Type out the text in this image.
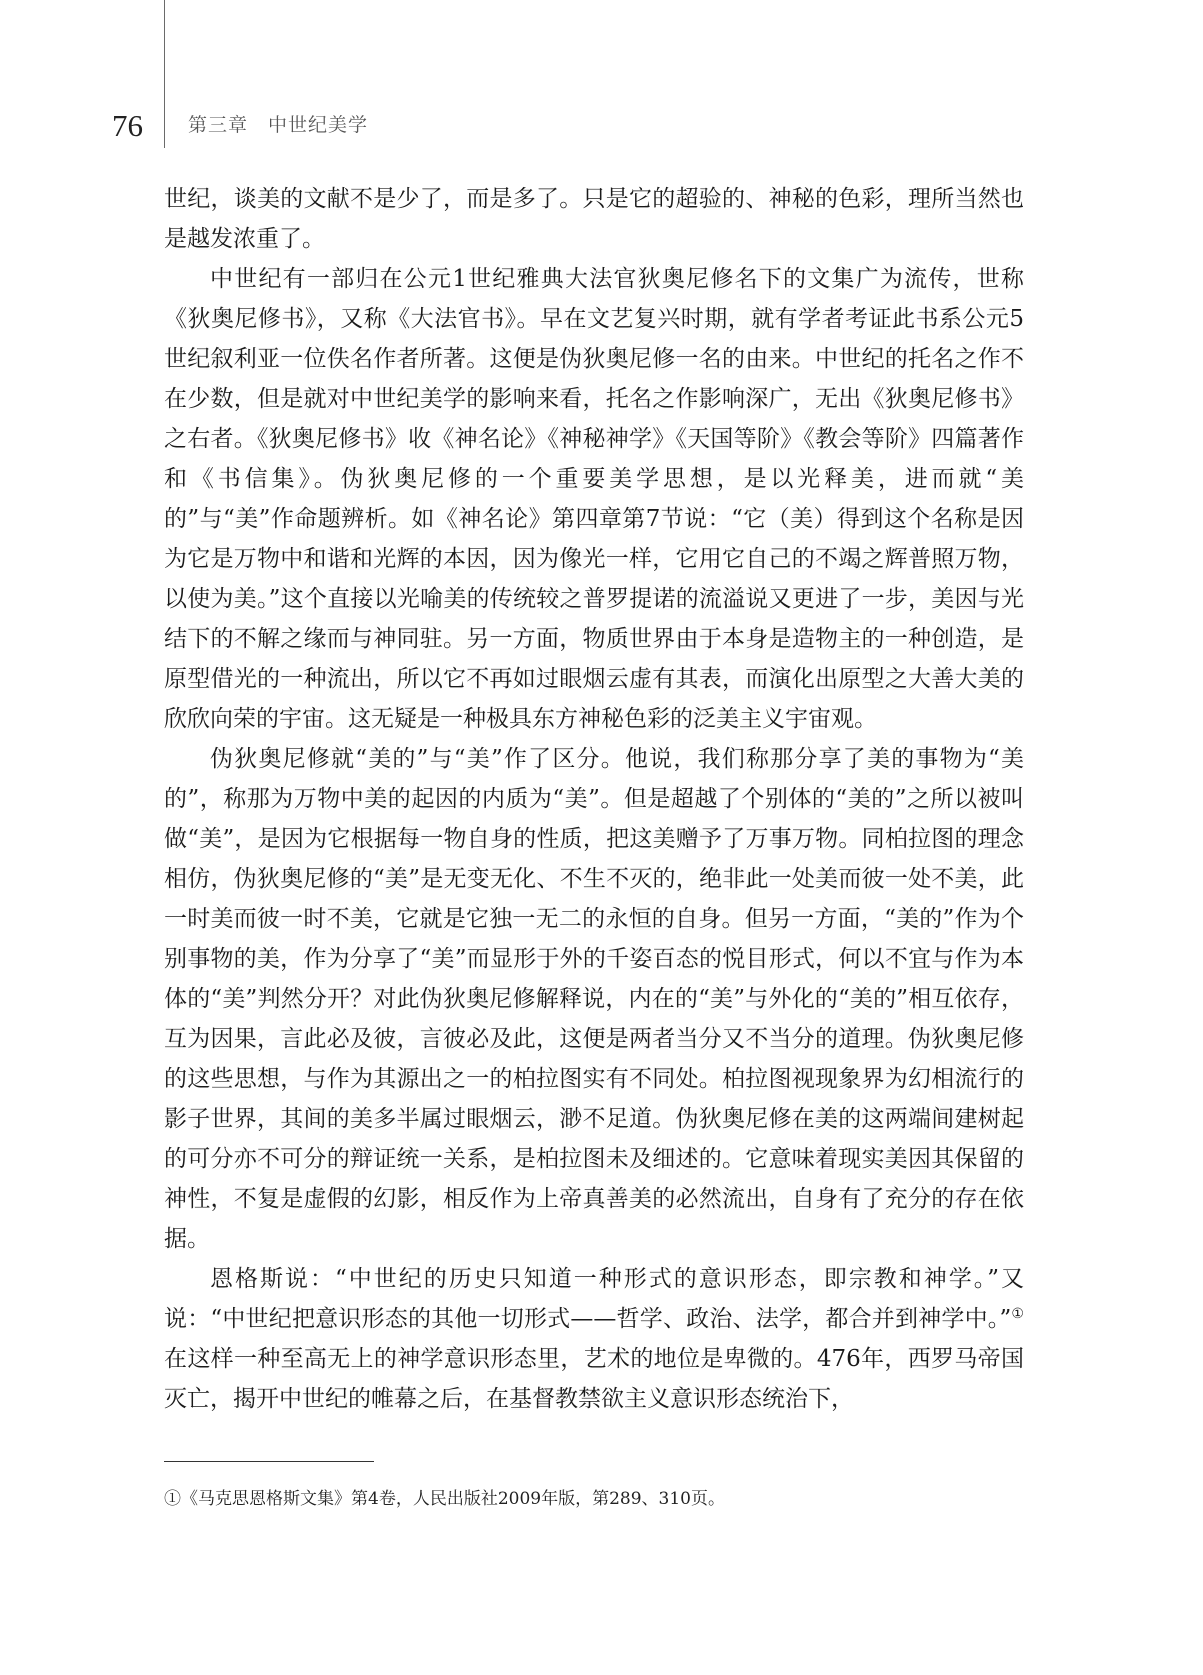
76 第三章　中世纪美学

世纪，谈美的文献不是少了，而是多了。只是它的超验的、神秘的色彩，理所当然也是越发浓重了。

中世纪有一部归在公元1世纪雅典大法官狄奥尼修名下的文集广为流传，世称《狄奥尼修书》，又称《大法官书》。早在文艺复兴时期，就有学者考证此书系公元5世纪叙利亚一位佚名作者所著。这便是伪狄奥尼修一名的由来。中世纪的托名之作不在少数，但是就对中世纪美学的影响来看，托名之作影响深广，无出《狄奥尼修书》之右者。《狄奥尼修书》收《神名论》《神秘神学》《天国等阶》《教会等阶》四篇著作和《书信集》。伪狄奥尼修的一个重要美学思想，是以光释美，进而就“美的”与“美”作命题辨析。如《神名论》第四章第7节说：“它（美）得到这个名称是因为它是万物中和谐和光辉的本因，因为像光一样，它用它自己的不竭之辉普照万物，以使为美。”这个直接以光喻美的传统较之普罗提诺的流溢说又更进了一步，美因与光结下的不解之缘而与神同驻。另一方面，物质世界由于本身是造物主的一种创造，是原型借光的一种流出，所以它不再如过眼烟云虚有其表，而演化出原型之大善大美的欣欣向荣的宇宙。这无疑是一种极具东方神秘色彩的泛美主义宇宙观。

伪狄奥尼修就“美的”与“美”作了区分。他说，我们称那分享了美的事物为“美的”，称那为万物中美的起因的内质为“美”。但是超越了个别体的“美的”之所以被叫做“美”，是因为它根据每一物自身的性质，把这美赠予了万事万物。同柏拉图的理念相仿，伪狄奥尼修的“美”是无变无化、不生不灭的，绝非此一处美而彼一处不美，此一时美而彼一时不美，它就是它独一无二的永恒的自身。但另一方面，“美的”作为个别事物的美，作为分享了“美”而显形于外的千姿百态的悦目形式，何以不宜与作为本体的“美”判然分开？对此伪狄奥尼修解释说，内在的“美”与外化的“美的”相互依存，互为因果，言此必及彼，言彼必及此，这便是两者当分又不当分的道理。伪狄奥尼修的这些思想，与作为其源出之一的柏拉图实有不同处。柏拉图视现象界为幻相流行的影子世界，其间的美多半属过眼烟云，渺不足道。伪狄奥尼修在美的这两端间建树起的可分亦不可分的辩证统一关系，是柏拉图未及细述的。它意味着现实美因其保留的神性，不复是虚假的幻影，相反作为上帝真善美的必然流出，自身有了充分的存在依据。

恩格斯说：“中世纪的历史只知道一种形式的意识形态，即宗教和神学。”又说：“中世纪把意识形态的其他一切形式——哲学、政治、法学，都合并到神学中。”① 在这样一种至高无上的神学意识形态里，艺术的地位是卑微的。476年，西罗马帝国灭亡，揭开中世纪的帷幕之后，在基督教禁欲主义意识形态统治下，

①《马克思恩格斯文集》第4卷，人民出版社2009年版，第289、310页。
